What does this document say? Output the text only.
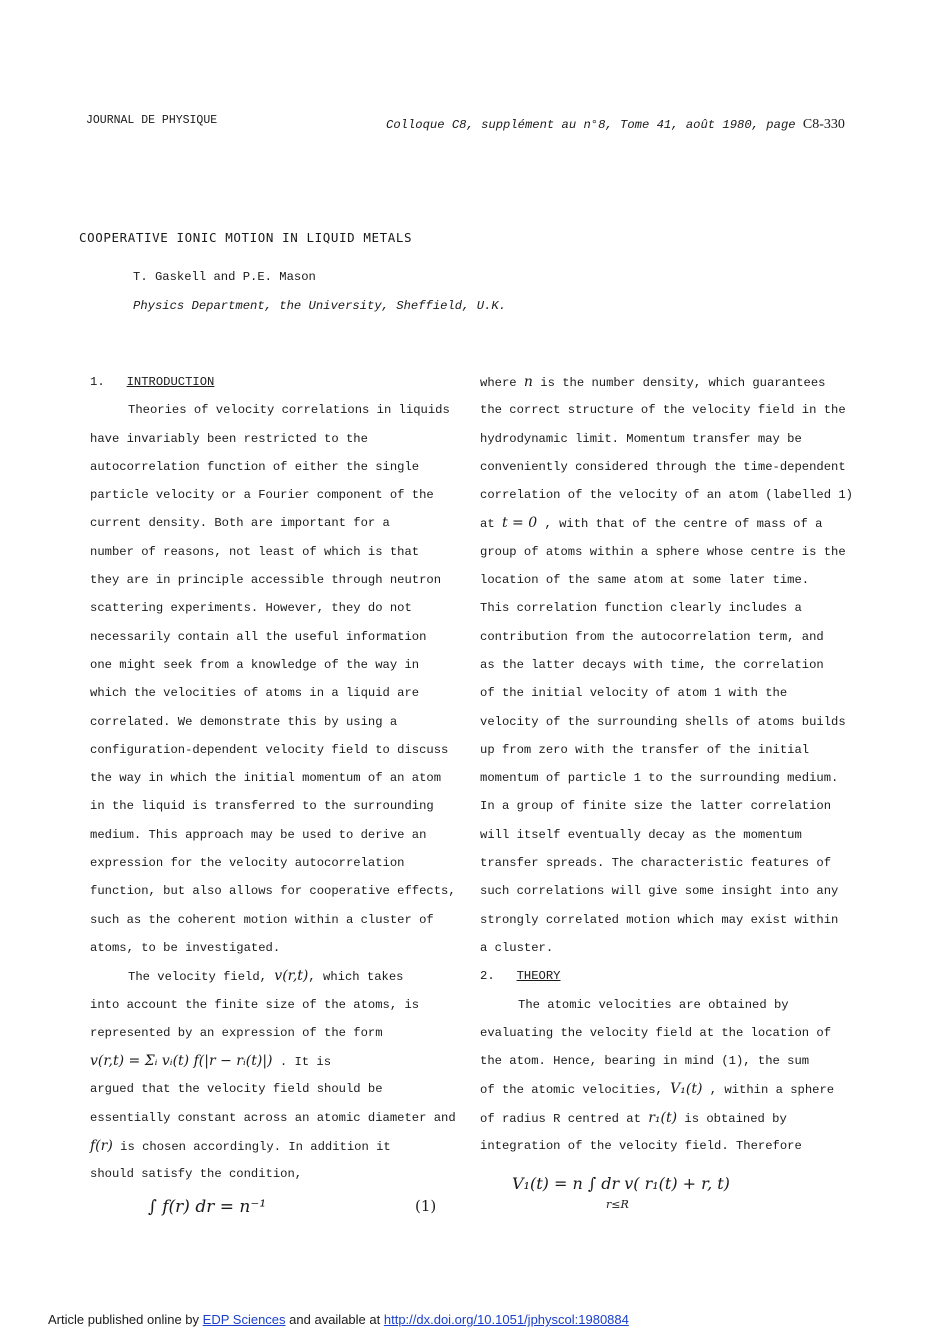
JOURNAL DE PHYSIQUE	Colloque C8, supplément au n°8, Tome 41, août 1980, page C8-330
COOPERATIVE IONIC MOTION IN LIQUID METALS
T. Gaskell and P.E. Mason
Physics Department, the University, Sheffield, U.K.
1. INTRODUCTION
Theories of velocity correlations in liquids
have invariably been restricted to the
autocorrelation function of either the single
particle velocity or a Fourier component of the
current density. Both are important for a
number of reasons, not least of which is that
they are in principle accessible through neutron
scattering experiments. However, they do not
necessarily contain all the useful information
one might seek from a knowledge of the way in
which the velocities of atoms in a liquid are
correlated. We demonstrate this by using a
configuration-dependent velocity field to discuss
the way in which the initial momentum of an atom
in the liquid is transferred to the surrounding
medium. This approach may be used to derive an
expression for the velocity autocorrelation
function, but also allows for cooperative effects,
such as the coherent motion within a cluster of
atoms, to be investigated.
The velocity field, v(r,t), which takes
into account the finite size of the atoms, is
represented by an expression of the form
v(r,t) = Σᵢ vᵢ(t) f(|r − rᵢ(t)|) . It is
argued that the velocity field should be
essentially constant across an atomic diameter and
f(r) is chosen accordingly. In addition it
should satisfy the condition,
∫ f(r) dr = n⁻¹	(1)
where n is the number density, which guarantees
the correct structure of the velocity field in the
hydrodynamic limit. Momentum transfer may be
conveniently considered through the time-dependent
correlation of the velocity of an atom (labelled 1)
at t = 0 , with that of the centre of mass of a
group of atoms within a sphere whose centre is the
location of the same atom at some later time.
This correlation function clearly includes a
contribution from the autocorrelation term, and
as the latter decays with time, the correlation
of the initial velocity of atom 1 with the
velocity of the surrounding shells of atoms builds
up from zero with the transfer of the initial
momentum of particle 1 to the surrounding medium.
In a group of finite size the latter correlation
will itself eventually decay as the momentum
transfer spreads. The characteristic features of
such correlations will give some insight into any
strongly correlated motion which may exist within
a cluster.
2. THEORY
The atomic velocities are obtained by
evaluating the velocity field at the location of
the atom. Hence, bearing in mind (1), the sum
of the atomic velocities, V₁(t) , within a sphere
of radius R centred at r₁(t) is obtained by
integration of the velocity field. Therefore
V₁(t) = n ∫ dr v( r₁(t) + r, t)
r≤R
Article published online by EDP Sciences and available at http://dx.doi.org/10.1051/jphyscol:1980884
